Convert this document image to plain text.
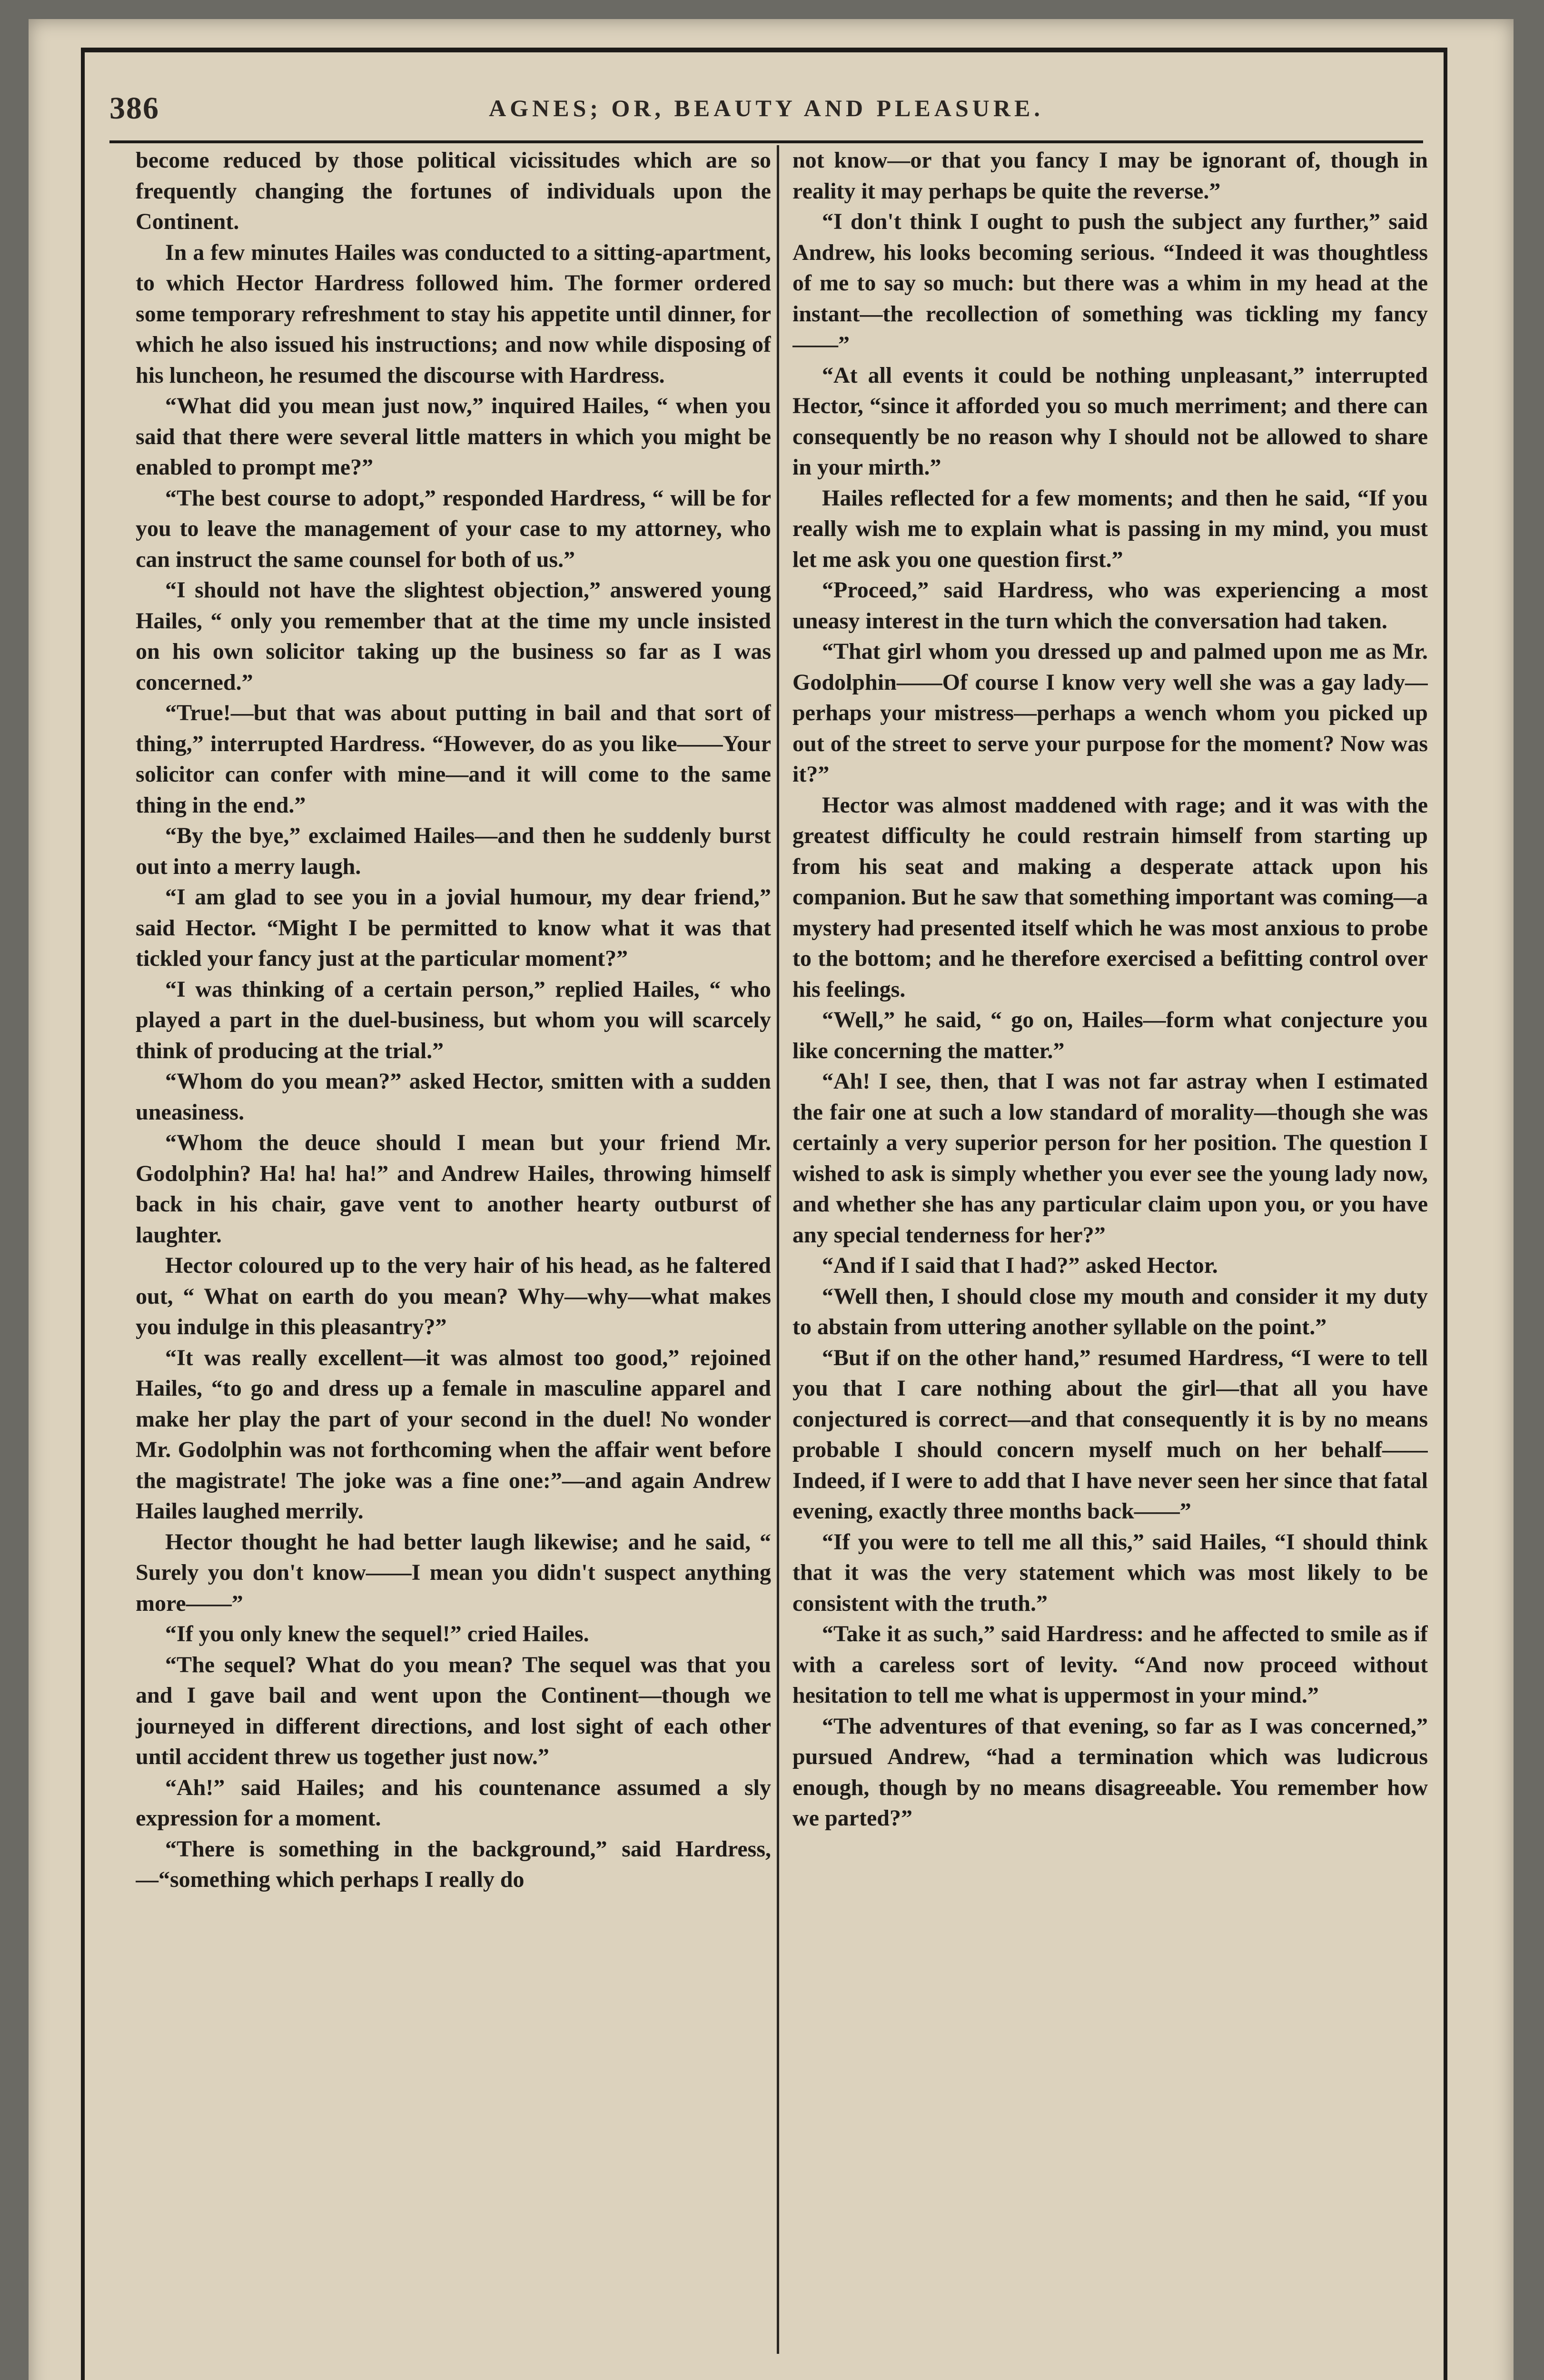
386	AGNES; OR, BEAUTY AND PLEASURE.

become reduced by those political vicissitudes which are so frequently changing the fortunes of individuals upon the Continent.

In a few minutes Hailes was conducted to a sitting-apartment, to which Hector Hardress followed him. The former ordered some temporary refreshment to stay his appetite until dinner, for which he also issued his instructions; and now while disposing of his luncheon, he resumed the discourse with Hardress.

“What did you mean just now,” inquired Hailes, “ when you said that there were several little matters in which you might be enabled to prompt me?”

“The best course to adopt,” responded Hardress, “ will be for you to leave the management of your case to my attorney, who can instruct the same counsel for both of us.”

“I should not have the slightest objection,” answered young Hailes, “ only you remember that at the time my uncle insisted on his own solicitor taking up the business so far as I was concerned.”

“True!—but that was about putting in bail and that sort of thing,” interrupted Hardress. “However, do as you like——Your solicitor can confer with mine—and it will come to the same thing in the end.”

“By the bye,” exclaimed Hailes—and then he suddenly burst out into a merry laugh.

“I am glad to see you in a jovial humour, my dear friend,” said Hector. “Might I be permitted to know what it was that tickled your fancy just at the particular moment?”

“I was thinking of a certain person,” replied Hailes, “ who played a part in the duel-business, but whom you will scarcely think of producing at the trial.”

“Whom do you mean?” asked Hector, smitten with a sudden uneasiness.

“Whom the deuce should I mean but your friend Mr. Godolphin? Ha! ha! ha!” and Andrew Hailes, throwing himself back in his chair, gave vent to another hearty outburst of laughter.

Hector coloured up to the very hair of his head, as he faltered out, “ What on earth do you mean? Why—why—what makes you indulge in this pleasantry?”

“It was really excellent—it was almost too good,” rejoined Hailes, “to go and dress up a female in masculine apparel and make her play the part of your second in the duel! No wonder Mr. Godolphin was not forthcoming when the affair went before the magistrate! The joke was a fine one:”—and again Andrew Hailes laughed merrily.

Hector thought he had better laugh likewise; and he said, “ Surely you don't know——I mean you didn't suspect anything more——”

“If you only knew the sequel!” cried Hailes.

“The sequel? What do you mean? The sequel was that you and I gave bail and went upon the Continent—though we journeyed in different directions, and lost sight of each other until accident threw us together just now.”

“Ah!” said Hailes; and his countenance assumed a sly expression for a moment.

“There is something in the background,” said Hardress,—“something which perhaps I really do

not know—or that you fancy I may be ignorant of, though in reality it may perhaps be quite the reverse.”

“I don't think I ought to push the subject any further,” said Andrew, his looks becoming serious. “Indeed it was thoughtless of me to say so much: but there was a whim in my head at the instant—the recollection of something was tickling my fancy——”

“At all events it could be nothing unpleasant,” interrupted Hector, “since it afforded you so much merriment; and there can consequently be no reason why I should not be allowed to share in your mirth.”

Hailes reflected for a few moments; and then he said, “If you really wish me to explain what is passing in my mind, you must let me ask you one question first.”

“Proceed,” said Hardress, who was experiencing a most uneasy interest in the turn which the conversation had taken.

“That girl whom you dressed up and palmed upon me as Mr. Godolphin——Of course I know very well she was a gay lady—perhaps your mistress—perhaps a wench whom you picked up out of the street to serve your purpose for the moment? Now was it?”

Hector was almost maddened with rage; and it was with the greatest difficulty he could restrain himself from starting up from his seat and making a desperate attack upon his companion. But he saw that something important was coming—a mystery had presented itself which he was most anxious to probe to the bottom; and he therefore exercised a befitting control over his feelings.

“Well,” he said, “ go on, Hailes—form what conjecture you like concerning the matter.”

“Ah! I see, then, that I was not far astray when I estimated the fair one at such a low standard of morality—though she was certainly a very superior person for her position. The question I wished to ask is simply whether you ever see the young lady now, and whether she has any particular claim upon you, or you have any special tenderness for her?”

“And if I said that I had?” asked Hector.

“Well then, I should close my mouth and consider it my duty to abstain from uttering another syllable on the point.”

“But if on the other hand,” resumed Hardress, “I were to tell you that I care nothing about the girl—that all you have conjectured is correct—and that consequently it is by no means probable I should concern myself much on her behalf——Indeed, if I were to add that I have never seen her since that fatal evening, exactly three months back——”

“If you were to tell me all this,” said Hailes, “I should think that it was the very statement which was most likely to be consistent with the truth.”

“Take it as such,” said Hardress: and he affected to smile as if with a careless sort of levity. “And now proceed without hesitation to tell me what is uppermost in your mind.”

“The adventures of that evening, so far as I was concerned,” pursued Andrew, “had a termination which was ludicrous enough, though by no means disagreeable. You remember how we parted?”
